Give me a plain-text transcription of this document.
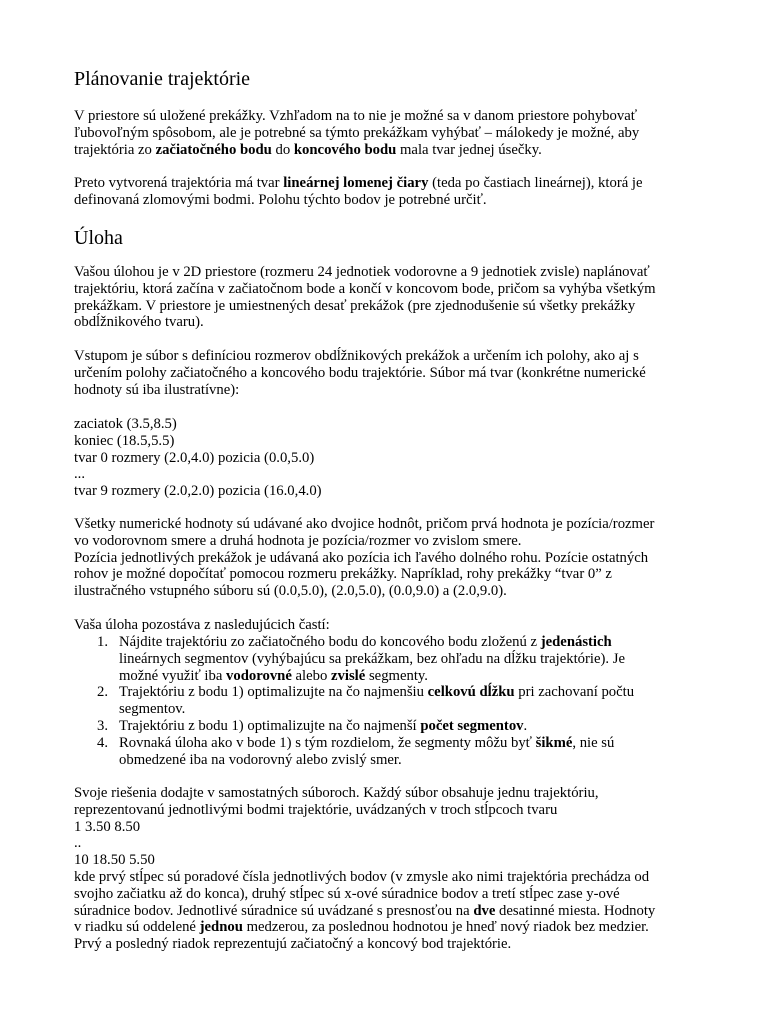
Plánovanie trajektórie

V priestore sú uložené prekážky. Vzhľadom na to nie je možné sa v danom priestore pohybovať
ľubovoľným spôsobom, ale je potrebné sa týmto prekážkam vyhýbať – málokedy je možné, aby
trajektória zo začiatočného bodu do koncového bodu mala tvar jednej úsečky.

Preto vytvorená trajektória má tvar lineárnej lomenej čiary (teda po častiach lineárnej), ktorá je
definovaná zlomovými bodmi. Polohu týchto bodov je potrebné určiť.

Úloha

Vašou úlohou je v 2D priestore (rozmeru 24 jednotiek vodorovne a 9 jednotiek zvisle) naplánovať
trajektóriu, ktorá začína v začiatočnom bode a končí v koncovom bode, pričom sa vyhýba všetkým
prekážkam. V priestore je umiestnených desať prekážok (pre zjednodušenie sú všetky prekážky
obdĺžnikového tvaru).

Vstupom je súbor s definíciou rozmerov obdĺžnikových prekážok a určením ich polohy, ako aj s
určením polohy začiatočného a koncového bodu trajektórie. Súbor má tvar (konkrétne numerické
hodnoty sú iba ilustratívne):

zaciatok (3.5,8.5)
koniec (18.5,5.5)
tvar 0 rozmery (2.0,4.0) pozicia (0.0,5.0)
...
tvar 9 rozmery (2.0,2.0) pozicia (16.0,4.0)

Všetky numerické hodnoty sú udávané ako dvojice hodnôt, pričom prvá hodnota je pozícia/rozmer
vo vodorovnom smere a druhá hodnota je pozícia/rozmer vo zvislom smere.
Pozícia jednotlivých prekážok je udávaná ako pozícia ich ľavého dolného rohu. Pozície ostatných
rohov je možné dopočítať pomocou rozmeru prekážky. Napríklad, rohy prekážky “tvar 0” z
ilustračného vstupného súboru sú (0.0,5.0), (2.0,5.0), (0.0,9.0) a (2.0,9.0).

Vaša úloha pozostáva z nasledujúcich častí:

1. Nájdite trajektóriu zo začiatočného bodu do koncového bodu zloženú z jedenástich
lineárnych segmentov (vyhýbajúcu sa prekážkam, bez ohľadu na dĺžku trajektórie). Je
možné využiť iba vodorovné alebo zvislé segmenty.
2. Trajektóriu z bodu 1) optimalizujte na čo najmenšiu celkovú dĺžku pri zachovaní počtu
segmentov.
3. Trajektóriu z bodu 1) optimalizujte na čo najmenší počet segmentov.
4. Rovnaká úloha ako v bode 1) s tým rozdielom, že segmenty môžu byť šikmé, nie sú
obmedzené iba na vodorovný alebo zvislý smer.

Svoje riešenia dodajte v samostatných súboroch. Každý súbor obsahuje jednu trajektóriu,
reprezentovanú jednotlivými bodmi trajektórie, uvádzaných v troch stĺpcoch tvaru
1 3.50 8.50
..
10 18.50 5.50
kde prvý stĺpec sú poradové čísla jednotlivých bodov (v zmysle ako nimi trajektória prechádza od
svojho začiatku až do konca), druhý stĺpec sú x-ové súradnice bodov a tretí stĺpec zase y-ové
súradnice bodov. Jednotlivé súradnice sú uvádzané s presnosťou na dve desatinné miesta. Hodnoty
v riadku sú oddelené jednou medzerou, za poslednou hodnotou je hneď nový riadok bez medzier.
Prvý a posledný riadok reprezentujú začiatočný a koncový bod trajektórie.
